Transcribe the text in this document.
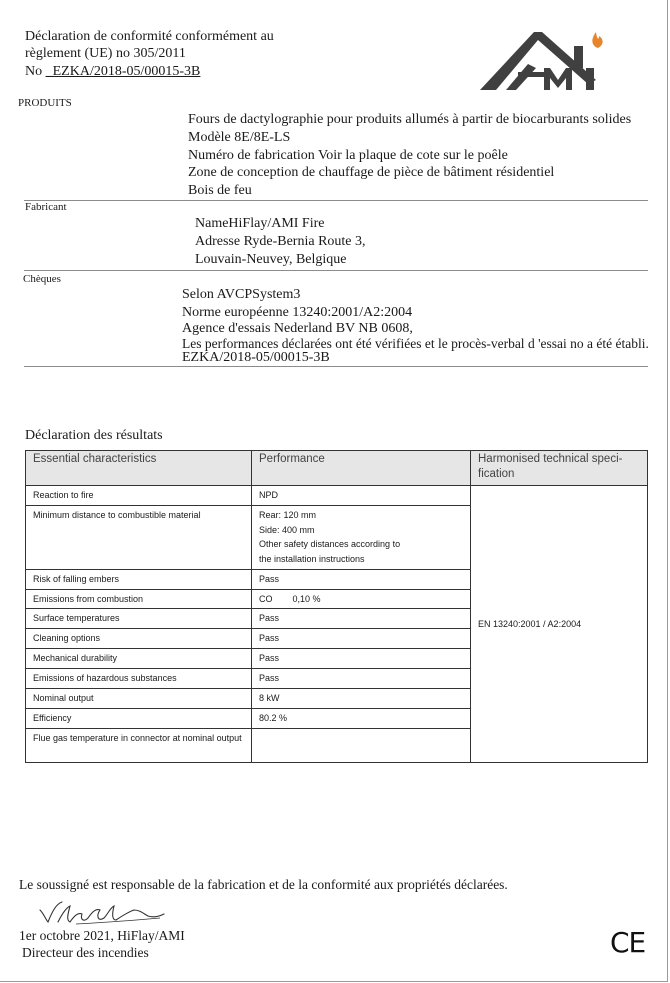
Déclaration de conformité conformément au
règlement (UE) no 305/2011
No _EZKA/2018-05/00015-3B
PRODUITS
Fours de dactylographie pour produits allumés à partir de biocarburants solides
Modèle 8E/8E-LS
Numéro de fabrication Voir la plaque de cote sur le poêle
Zone de conception de chauffage de pièce de bâtiment résidentiel
Bois de feu
Fabricant
NameHiFlay/AMI Fire
Adresse Ryde-Bernia Route 3,
Louvain-Neuvey, Belgique
Chèques
Selon AVCPSystem3
Norme européenne 13240:2001/A2:2004
Agence d'essais Nederland BV NB 0608,
Les performances déclarées ont été vérifiées et le procès-verbal d 'essai no a été établi.
EZKA/2018-05/00015-3B
Déclaration des résultats
Essential characteristics	Performance	Harmonised technical speci-fication
Reaction to fire	NPD	EN 13240:2001 / A2:2004
Minimum distance to combustible material	Rear: 120 mm
Side: 400 mm
Other safety distances according to
the installation instructions	

Risk of falling embers	Pass	

Emissions from combustion	CO        0,10 %	

Surface temperatures	Pass	

Cleaning options	Pass	

Mechanical durability	Pass	

Emissions of hazardous substances	Pass	

Nominal output	8 kW	

Efficiency	80.2 %	

Flue gas temperature in connector at nominal output		
Le soussigné est responsable de la fabrication et de la conformité aux propriétés déclarées.
1er octobre 2021, HiFlay/AMI
Directeur des incendies	CE
